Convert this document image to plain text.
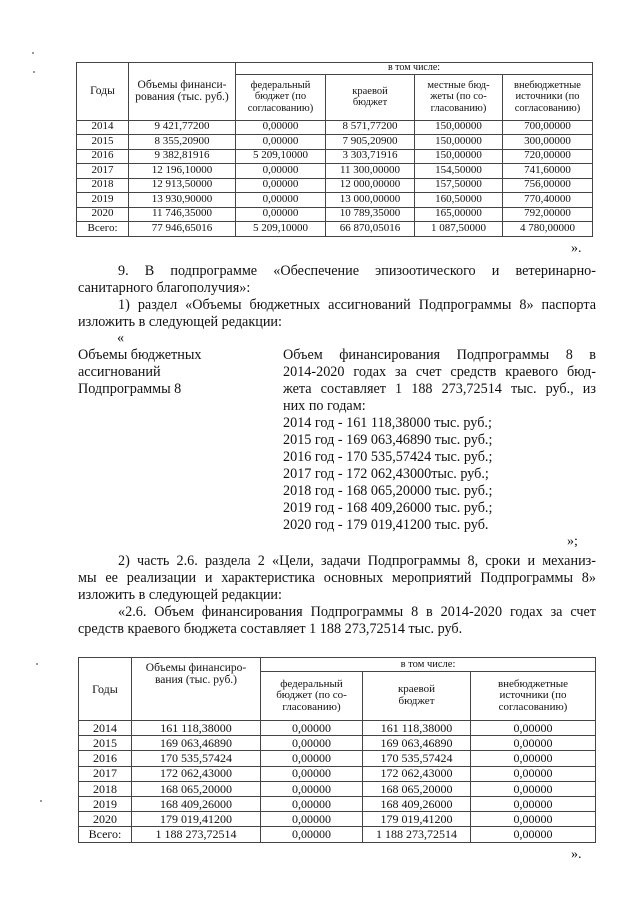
Годы	Объемы финанси-рования (тыс. руб.)	в том числе:			
		федеральный бюджет (по согласованию)	краевой бюджет	местные бюд-жеты (по со-гласованию)	внебюджетные источники (по согласованию)
2014	9 421,77200	0,00000	8 571,77200	150,00000	700,00000
2015	8 355,20900	0,00000	7 905,20900	150,00000	300,00000
2016	9 382,81916	5 209,10000	3 303,71916	150,00000	720,00000
2017	12 196,10000	0,00000	11 300,00000	154,50000	741,60000
2018	12 913,50000	0,00000	12 000,00000	157,50000	756,00000
2019	13 930,90000	0,00000	13 000,00000	160,50000	770,40000
2020	11 746,35000	0,00000	10 789,35000	165,00000	792,00000
Всего:	77 946,65016	5 209,10000	66 870,05016	1 087,50000	4 780,00000
».
9. В подпрограмме «Обеспечение эпизоотического и ветеринарно-
санитарного благополучия»:
1) раздел «Объемы бюджетных ассигнований Подпрограммы 8» паспорта
изложить в следующей редакции:
«
Объемы бюджетных
ассигнований
Подпрограммы 8
Объем финансирования Подпрограммы 8 в
2014-2020 годах за счет средств краевого бюд-
жета составляет 1 188 273,72514 тыс. руб., из
них по годам:
2014 год - 161 118,38000 тыс. руб.;
2015 год - 169 063,46890 тыс. руб.;
2016 год - 170 535,57424 тыс. руб.;
2017 год - 172 062,43000тыс. руб.;
2018 год - 168 065,20000 тыс. руб.;
2019 год - 168 409,26000 тыс. руб.;
2020 год - 179 019,41200 тыс. руб.
»;
2) часть 2.6. раздела 2 «Цели, задачи Подпрограммы 8, сроки и механиз-
мы ее реализации и характеристика основных мероприятий Подпрограммы 8»
изложить в следующей редакции:
«2.6. Объем финансирования Подпрограммы 8 в 2014-2020 годах за счет
средств краевого бюджета составляет 1 188 273,72514 тыс. руб.
Годы	Объемы финансиро-вания (тыс. руб.)	в том числе:		
		федеральный бюджет (по со-гласованию)	краевой бюджет	внебюджетные источники (по согласованию)
2014	161 118,38000	0,00000	161 118,38000	0,00000
2015	169 063,46890	0,00000	169 063,46890	0,00000
2016	170 535,57424	0,00000	170 535,57424	0,00000
2017	172 062,43000	0,00000	172 062,43000	0,00000
2018	168 065,20000	0,00000	168 065,20000	0,00000
2019	168 409,26000	0,00000	168 409,26000	0,00000
2020	179 019,41200	0,00000	179 019,41200	0,00000
Всего:	1 188 273,72514	0,00000	1 188 273,72514	0,00000
».
